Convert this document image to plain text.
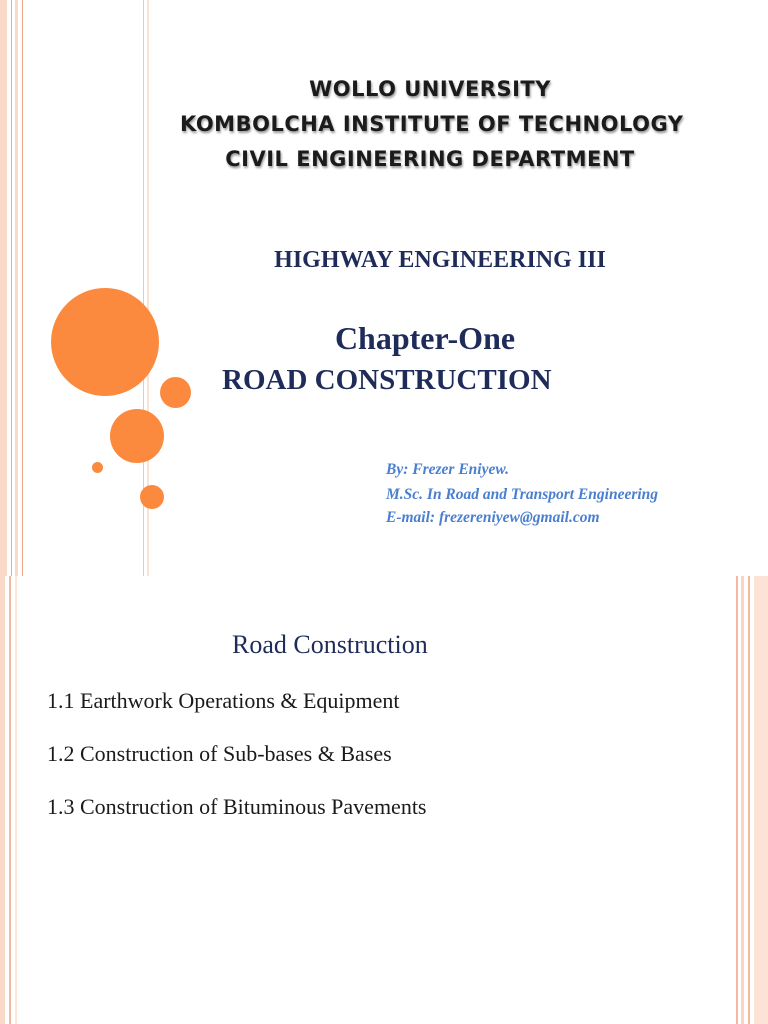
WOLLO UNIVERSITY
KOMBOLCHA INSTITUTE OF TECHNOLOGY
CIVIL ENGINEERING DEPARTMENT
HIGHWAY ENGINEERING III
Chapter-One
ROAD CONSTRUCTION
By: Frezer Eniyew.
M.Sc. In Road and Transport Engineering
E-mail: frezereniyew@gmail.com
Road Construction
1.1 Earthwork Operations & Equipment
1.2 Construction of Sub-bases & Bases
1.3 Construction of Bituminous Pavements
